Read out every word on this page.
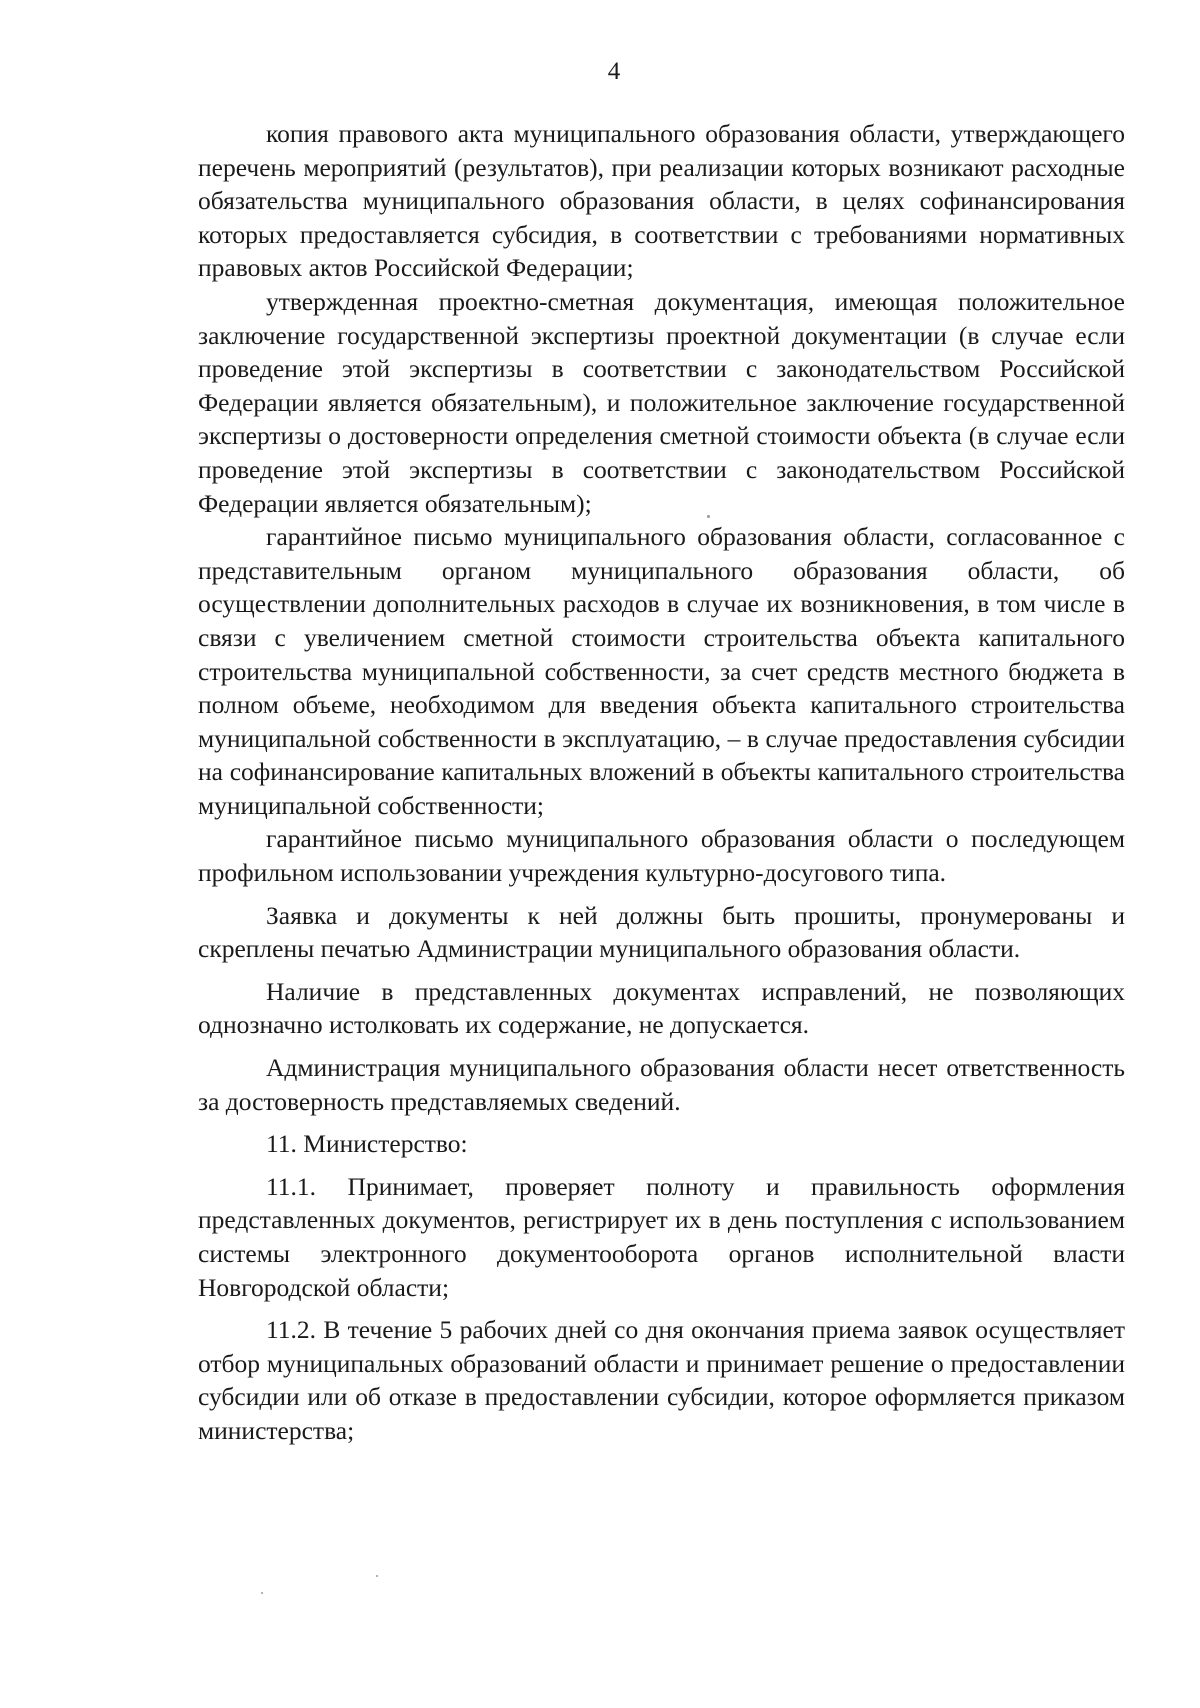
4

копия правового акта муниципального образования области, утверждающего перечень мероприятий (результатов), при реализации которых возникают расходные обязательства муниципального образования области, в целях софинансирования которых предоставляется субсидия, в соответствии с требованиями нормативных правовых актов Российской Федерации;

утвержденная проектно-сметная документация, имеющая положительное заключение государственной экспертизы проектной документации (в случае если проведение этой экспертизы в соответствии с законодательством Российской Федерации является обязательным), и положительное заключение государственной экспертизы о достоверности определения сметной стоимости объекта (в случае если проведение этой экспертизы в соответствии с законодательством Российской Федерации является обязательным);

гарантийное письмо муниципального образования области, согласованное с представительным органом муниципального образования области, об осуществлении дополнительных расходов в случае их возникновения, в том числе в связи с увеличением сметной стоимости строительства объекта капитального строительства муниципальной собственности, за счет средств местного бюджета в полном объеме, необходимом для введения объекта капитального строительства муниципальной собственности в эксплуатацию, – в случае предоставления субсидии на софинансирование капитальных вложений в объекты капитального строительства муниципальной собственности;

гарантийное письмо муниципального образования области о последующем профильном использовании учреждения культурно-досугового типа.

Заявка и документы к ней должны быть прошиты, пронумерованы и скреплены печатью Администрации муниципального образования области.

Наличие в представленных документах исправлений, не позволяющих однозначно истолковать их содержание, не допускается.

Администрация муниципального образования области несет ответственность за достоверность представляемых сведений.

11. Министерство:

11.1. Принимает, проверяет полноту и правильность оформления представленных документов, регистрирует их в день поступления с использованием системы электронного документооборота органов исполнительной власти Новгородской области;

11.2. В течение 5 рабочих дней со дня окончания приема заявок осуществляет отбор муниципальных образований области и принимает решение о предоставлении субсидии или об отказе в предоставлении субсидии, которое оформляется приказом министерства;
